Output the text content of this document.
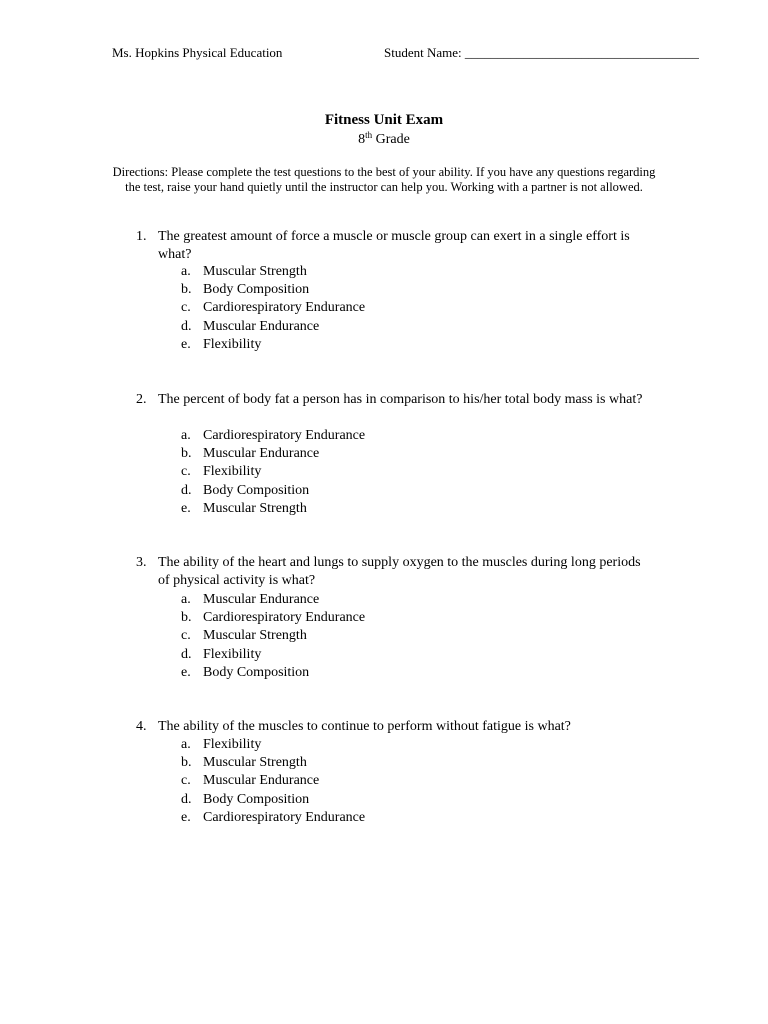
Ms. Hopkins Physical Education	Student Name: ____________________________________
Fitness Unit Exam
8th Grade
Directions: Please complete the test questions to the best of your ability. If you have any questions regarding the test, raise your hand quietly until the instructor can help you. Working with a partner is not allowed.
1. The greatest amount of force a muscle or muscle group can exert in a single effort is what?
a. Muscular Strength
b. Body Composition
c. Cardiorespiratory Endurance
d. Muscular Endurance
e. Flexibility
2. The percent of body fat a person has in comparison to his/her total body mass is what?
a. Cardiorespiratory Endurance
b. Muscular Endurance
c. Flexibility
d. Body Composition
e. Muscular Strength
3. The ability of the heart and lungs to supply oxygen to the muscles during long periods of physical activity is what?
a. Muscular Endurance
b. Cardiorespiratory Endurance
c. Muscular Strength
d. Flexibility
e. Body Composition
4. The ability of the muscles to continue to perform without fatigue is what?
a. Flexibility
b. Muscular Strength
c. Muscular Endurance
d. Body Composition
e. Cardiorespiratory Endurance
